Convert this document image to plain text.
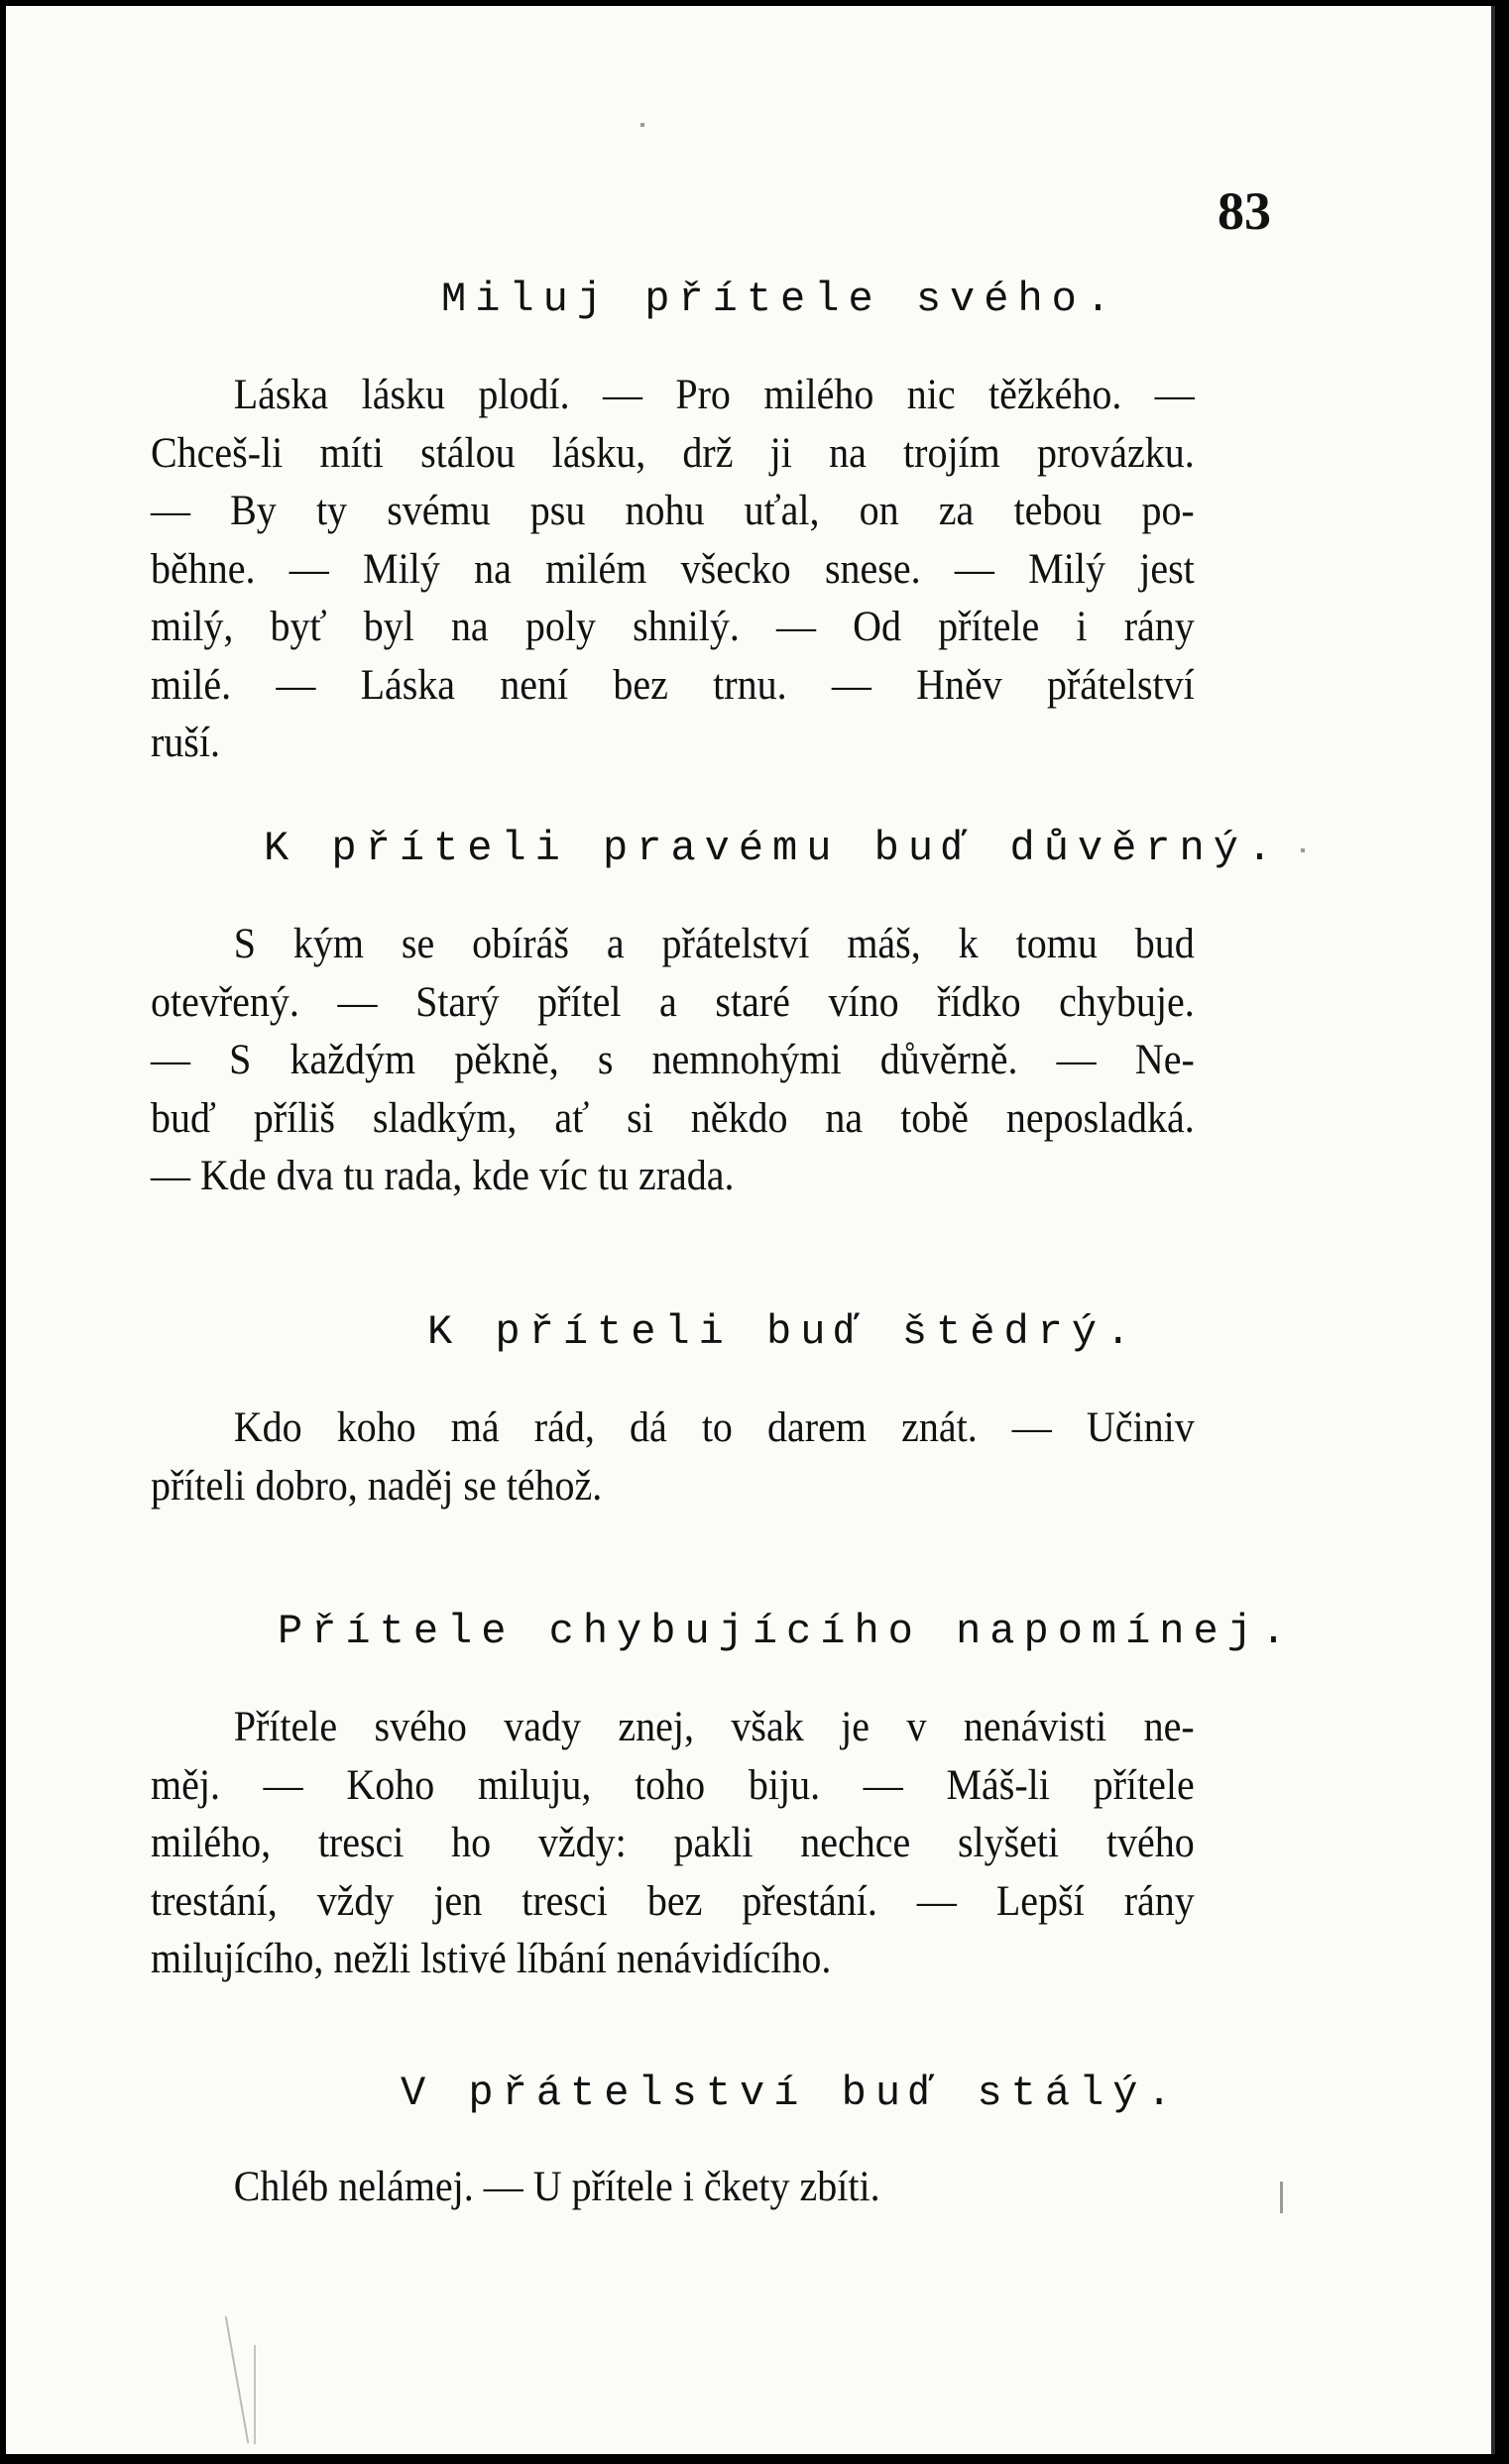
83
Miluj přítele svého.
Láska lásku plodí. — Pro milého nic těžkého. —
Chceš-li míti stálou lásku, drž ji na trojím provázku.
— By ty svému psu nohu uťal, on za tebou po-
běhne. — Milý na milém všecko snese. — Milý jest
milý, byť byl na poly shnilý. — Od přítele i rány
milé. — Láska není bez trnu. — Hněv přátelství
ruší.
K příteli pravému buď důvěrný.
S kým se obíráš a přátelství máš, k tomu bud
otevřený. — Starý přítel a staré víno řídko chybuje.
— S každým pěkně, s nemnohými důvěrně. — Ne-
buď příliš sladkým, ať si někdo na tobě neposladká.
— Kde dva tu rada, kde víc tu zrada.
K příteli buď štědrý.
Kdo koho má rád, dá to darem znát. — Učiniv
příteli dobro, naděj se téhož.
Přítele chybujícího napomínej.
Přítele svého vady znej, však je v nenávisti ne-
měj. — Koho miluju, toho biju. — Máš-li přítele
milého, tresci ho vždy: pakli nechce slyšeti tvého
trestání, vždy jen tresci bez přestání. — Lepší rány
milujícího, nežli lstivé líbání nenávidícího.
V přátelství buď stálý.
Chléb nelámej. — U přítele i čkety zbíti.
